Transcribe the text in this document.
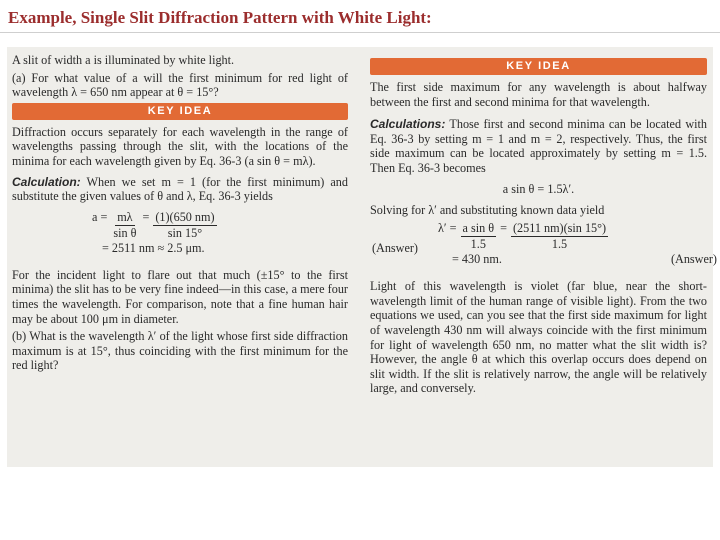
Example, Single Slit Diffraction Pattern with White Light:

A slit of width a is illuminated by white light.

(a) For what value of a will the first minimum for red light of wavelength λ = 650 nm appear at θ = 15°?

KEY IDEA

Diffraction occurs separately for each wavelength in the range of wavelengths passing through the slit, with the locations of the minima for each wavelength given by Eq. 36-3 (a sin θ = mλ).

Calculation: When we set m = 1 (for the first minimum) and substitute the given values of θ and λ, Eq. 36-3 yields

$a = \frac{m\lambda}{\text{sin θ}} = \frac{(1)(650 nm)}{\sin 15^\circ}$
= 2511 nm ≈ 2.5 μm.	(Answer)

For the incident light to flare out that much (±15° to the first minima) the slit has to be very fine indeed—in this case, a mere four times the wavelength. For comparison, note that a fine human hair may be about 100 μm in diameter.

(b) What is the wavelength λ′ of the light whose first side diffraction maximum is at 15°, thus coinciding with the first minimum for the red light?

KEY IDEA

The first side maximum for any wavelength is about halfway between the first and second minima for that wavelength.

Calculations: Those first and second minima can be located with Eq. 36-3 by setting m = 1 and m = 2, respectively. Thus, the first side maximum can be located approximately by setting m = 1.5. Then Eq. 36-3 becomes

a sin θ = 1.5λ′.

Solving for λ′ and substituting known data yield

$\lambda' = \frac{\text{a sin θ}}{1.5} = \frac{(2511 nm)(\sin 15^\circ)}{1.5}$
= 430 nm.	(Answer)

Light of this wavelength is violet (far blue, near the short-wavelength limit of the human range of visible light). From the two equations we used, can you see that the first side maximum for light of wavelength 430 nm will always coincide with the first minimum for light of wavelength 650 nm, no matter what the slit width is? However, the angle θ at which this overlap occurs does depend on slit width. If the slit is relatively narrow, the angle will be relatively large, and conversely.
